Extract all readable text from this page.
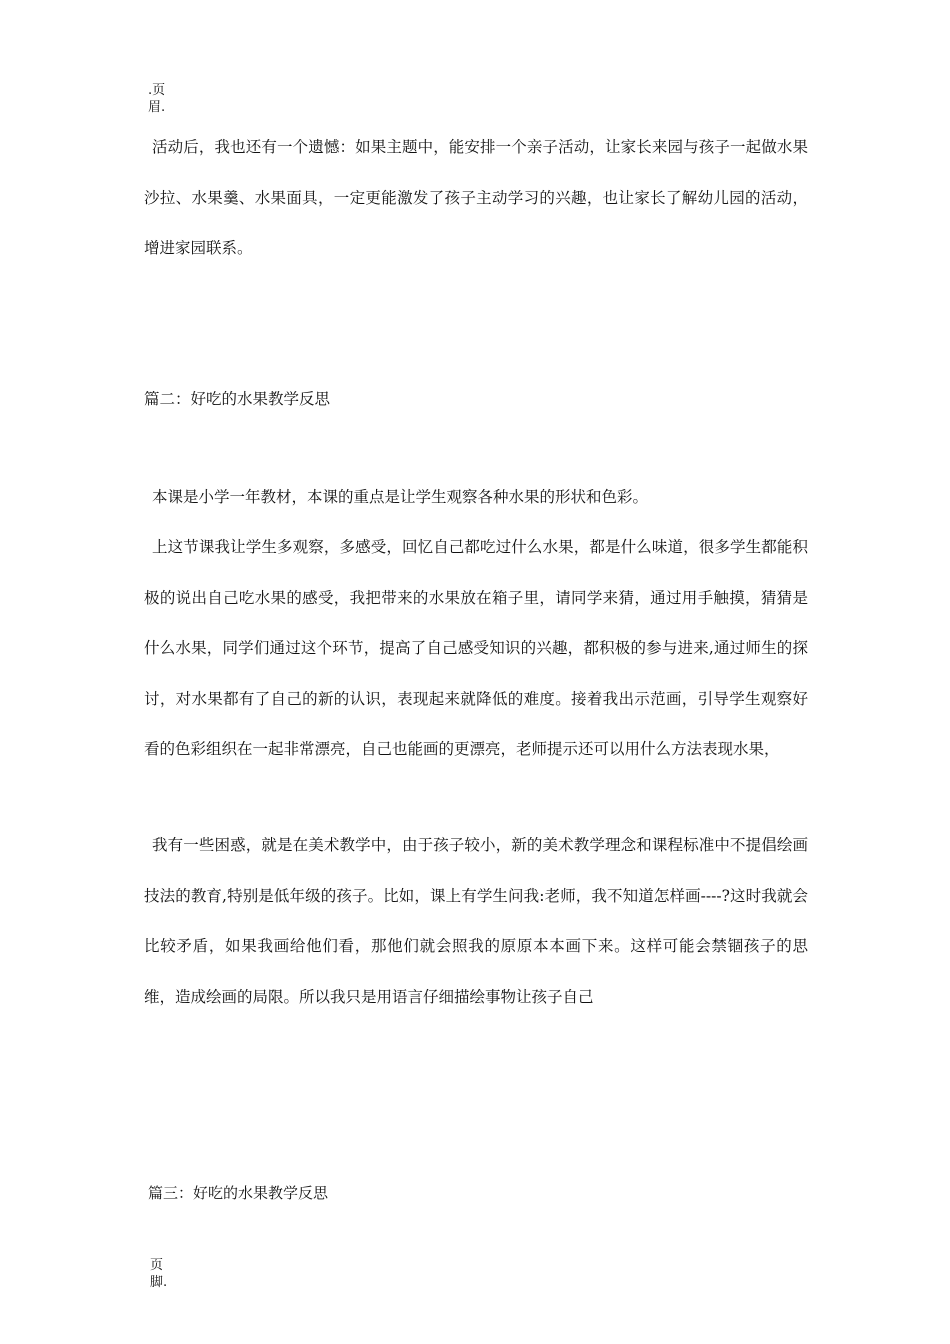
.页眉.
活动后，我也还有一个遗憾：如果主题中，能安排一个亲子活动，让家长来园与孩子一起做水果沙拉、水果羹、水果面具，一定更能激发了孩子主动学习的兴趣，也让家长了解幼儿园的活动，增进家园联系。
篇二：好吃的水果教学反思
本课是小学一年教材，本课的重点是让学生观察各种水果的形状和色彩。
上这节课我让学生多观察，多感受，回忆自己都吃过什么水果，都是什么味道，很多学生都能积极的说出自己吃水果的感受，我把带来的水果放在箱子里，请同学来猜，通过用手触摸，猜猜是什么水果，同学们通过这个环节，提高了自己感受知识的兴趣，都积极的参与进来,通过师生的探讨，对水果都有了自己的新的认识，表现起来就降低的难度。接着我出示范画，引导学生观察好看的色彩组织在一起非常漂亮，自己也能画的更漂亮，老师提示还可以用什么方法表现水果，
我有一些困惑，就是在美术教学中，由于孩子较小，新的美术教学理念和课程标准中不提倡绘画技法的教育,特别是低年级的孩子。比如，课上有学生问我:老师，我不知道怎样画----?这时我就会比较矛盾，如果我画给他们看，那他们就会照我的原原本本画下来。这样可能会禁锢孩子的思维，造成绘画的局限。所以我只是用语言仔细描绘事物让孩子自己
篇三：好吃的水果教学反思
页脚.
